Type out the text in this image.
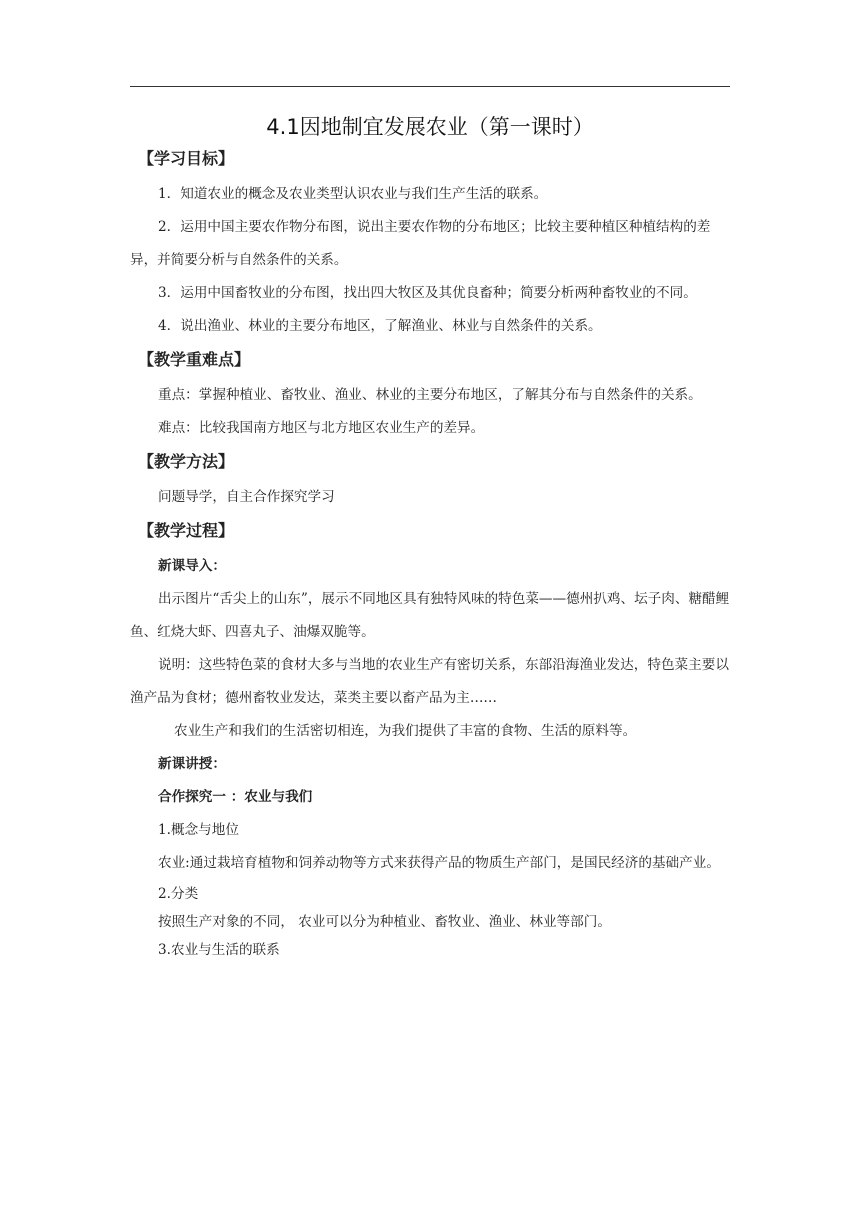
4.1因地制宜发展农业（第一课时）
【学习目标】

1．知道农业的概念及农业类型认识农业与我们生产生活的联系。

2．运用中国主要农作物分布图，说出主要农作物的分布地区；比较主要种植区种植结构的差异，并简要分析与自然条件的关系。

3．运用中国畜牧业的分布图，找出四大牧区及其优良畜种；简要分析两种畜牧业的不同。

4．说出渔业、林业的主要分布地区，了解渔业、林业与自然条件的关系。

【教学重难点】

重点：掌握种植业、畜牧业、渔业、林业的主要分布地区，了解其分布与自然条件的关系。

难点：比较我国南方地区与北方地区农业生产的差异。

【教学方法】

问题导学，自主合作探究学习

【教学过程】

新课导入：

出示图片“舌尖上的山东”，展示不同地区具有独特风味的特色菜——德州扒鸡、坛子肉、糖醋鲤鱼、红烧大虾、四喜丸子、油爆双脆等。

说明：这些特色菜的食材大多与当地的农业生产有密切关系，东部沿海渔业发达，特色菜主要以渔产品为食材；德州畜牧业发达，菜类主要以畜产品为主……

农业生产和我们的生活密切相连，为我们提供了丰富的食物、生活的原料等。

新课讲授：

合作探究一 ：农业与我们

1.概念与地位

农业:通过栽培育植物和饲养动物等方式来获得产品的物质生产部门，是国民经济的基础产业。

2.分类

按照生产对象的不同， 农业可以分为种植业、畜牧业、渔业、林业等部门。

3.农业与生活的联系
